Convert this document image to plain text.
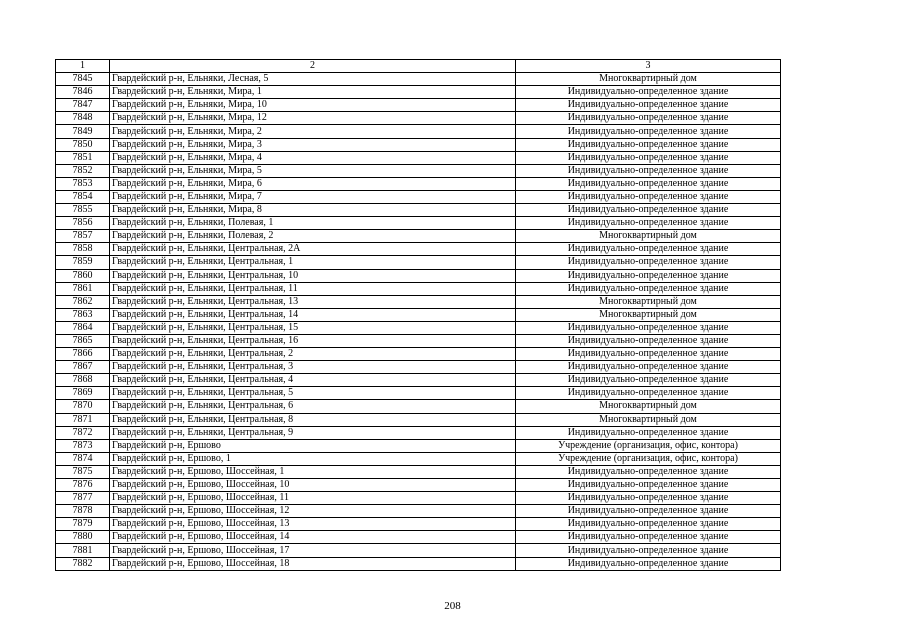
1	2	3
7845	Гвардейский р-н, Ельняки, Лесная, 5	Многоквартирный дом
7846	Гвардейский р-н, Ельняки, Мира, 1	Индивидуально-определенное здание
7847	Гвардейский р-н, Ельняки, Мира, 10	Индивидуально-определенное здание
7848	Гвардейский р-н, Ельняки, Мира, 12	Индивидуально-определенное здание
7849	Гвардейский р-н, Ельняки, Мира, 2	Индивидуально-определенное здание
7850	Гвардейский р-н, Ельняки, Мира, 3	Индивидуально-определенное здание
7851	Гвардейский р-н, Ельняки, Мира, 4	Индивидуально-определенное здание
7852	Гвардейский р-н, Ельняки, Мира, 5	Индивидуально-определенное здание
7853	Гвардейский р-н, Ельняки, Мира, 6	Индивидуально-определенное здание
7854	Гвардейский р-н, Ельняки, Мира, 7	Индивидуально-определенное здание
7855	Гвардейский р-н, Ельняки, Мира, 8	Индивидуально-определенное здание
7856	Гвардейский р-н, Ельняки, Полевая, 1	Индивидуально-определенное здание
7857	Гвардейский р-н, Ельняки, Полевая, 2	Многоквартирный дом
7858	Гвардейский р-н, Ельняки, Центральная, 2А	Индивидуально-определенное здание
7859	Гвардейский р-н, Ельняки, Центральная, 1	Индивидуально-определенное здание
7860	Гвардейский р-н, Ельняки, Центральная, 10	Индивидуально-определенное здание
7861	Гвардейский р-н, Ельняки, Центральная, 11	Индивидуально-определенное здание
7862	Гвардейский р-н, Ельняки, Центральная, 13	Многоквартирный дом
7863	Гвардейский р-н, Ельняки, Центральная, 14	Многоквартирный дом
7864	Гвардейский р-н, Ельняки, Центральная, 15	Индивидуально-определенное здание
7865	Гвардейский р-н, Ельняки, Центральная, 16	Индивидуально-определенное здание
7866	Гвардейский р-н, Ельняки, Центральная, 2	Индивидуально-определенное здание
7867	Гвардейский р-н, Ельняки, Центральная, 3	Индивидуально-определенное здание
7868	Гвардейский р-н, Ельняки, Центральная, 4	Индивидуально-определенное здание
7869	Гвардейский р-н, Ельняки, Центральная, 5	Индивидуально-определенное здание
7870	Гвардейский р-н, Ельняки, Центральная, 6	Многоквартирный дом
7871	Гвардейский р-н, Ельняки, Центральная, 8	Многоквартирный дом
7872	Гвардейский р-н, Ельняки, Центральная, 9	Индивидуально-определенное здание
7873	Гвардейский р-н, Ершово	Учреждение (организация, офис, контора)
7874	Гвардейский р-н, Ершово, 1	Учреждение (организация, офис, контора)
7875	Гвардейский р-н, Ершово, Шоссейная, 1	Индивидуально-определенное здание
7876	Гвардейский р-н, Ершово, Шоссейная, 10	Индивидуально-определенное здание
7877	Гвардейский р-н, Ершово, Шоссейная, 11	Индивидуально-определенное здание
7878	Гвардейский р-н, Ершово, Шоссейная, 12	Индивидуально-определенное здание
7879	Гвардейский р-н, Ершово, Шоссейная, 13	Индивидуально-определенное здание
7880	Гвардейский р-н, Ершово, Шоссейная, 14	Индивидуально-определенное здание
7881	Гвардейский р-н, Ершово, Шоссейная, 17	Индивидуально-определенное здание
7882	Гвардейский р-н, Ершово, Шоссейная, 18	Индивидуально-определенное здание
208
